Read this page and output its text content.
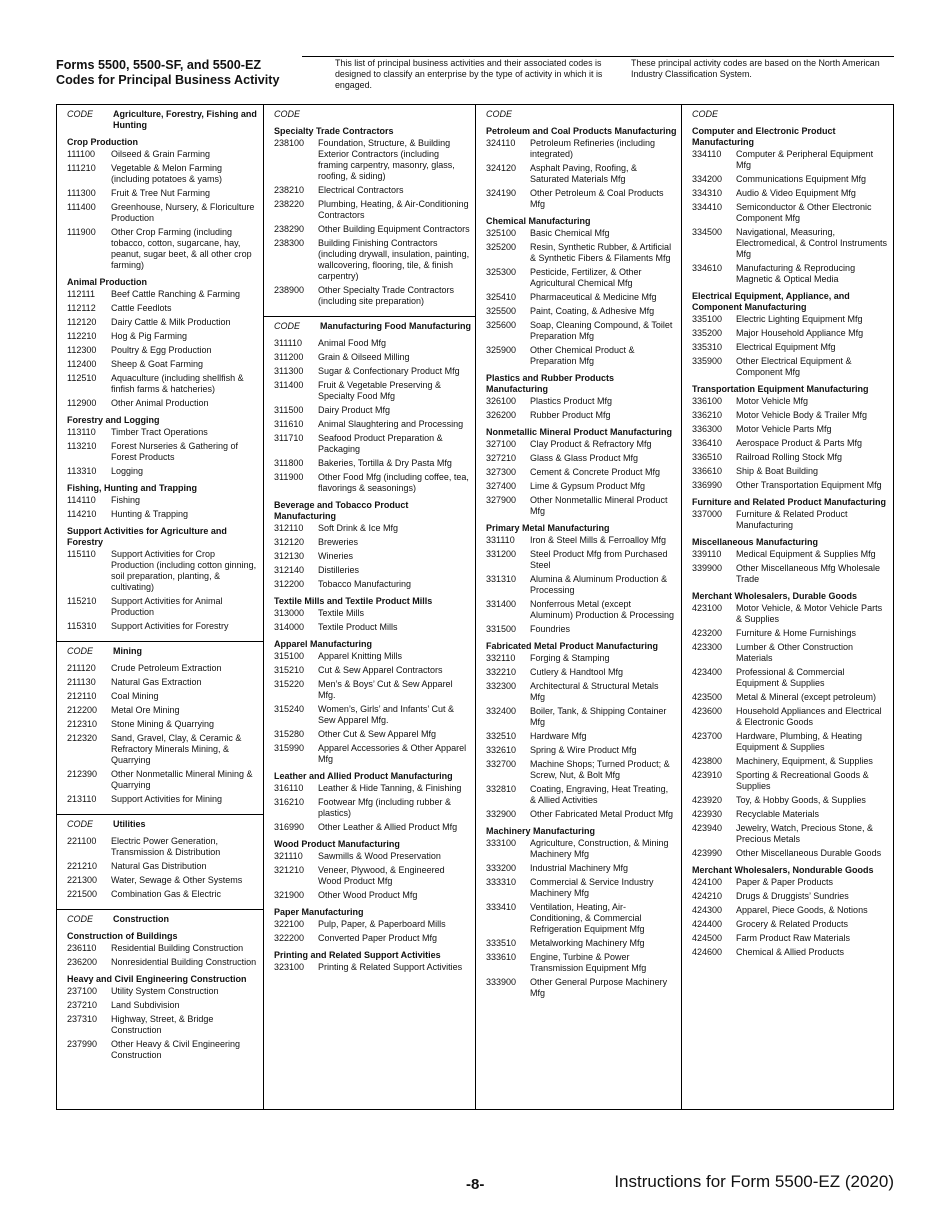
Forms 5500, 5500-SF, and 5500-EZ Codes for Principal Business Activity
This list of principal business activities and their associated codes is designed to classify an enterprise by the type of activity in which it is engaged.
These principal activity codes are based on the North American Industry Classification System.
CODE	Agriculture, Forestry, Fishing and Hunting
Crop Production
111100	Oilseed & Grain Farming
111210	Vegetable & Melon Farming (including potatoes & yams)
111300	Fruit & Tree Nut Farming
111400	Greenhouse, Nursery, & Floriculture Production
111900	Other Crop Farming (including tobacco, cotton, sugarcane, hay, peanut, sugar beet, & all other crop farming)
Animal Production
112111	Beef Cattle Ranching & Farming
112112	Cattle Feedlots
112120	Dairy Cattle & Milk Production
112210	Hog & Pig Farming
112300	Poultry & Egg Production
112400	Sheep & Goat Farming
112510	Aquaculture (including shellfish & finfish farms & hatcheries)
112900	Other Animal Production
Forestry and Logging
113110	Timber Tract Operations
113210	Forest Nurseries & Gathering of Forest Products
113310	Logging
Fishing, Hunting and Trapping
114110	Fishing
114210	Hunting & Trapping
Support Activities for Agriculture and Forestry
115110	Support Activities for Crop Production (including cotton ginning, soil preparation, planting, & cultivating)
115210	Support Activities for Animal Production
115310	Support Activities for Forestry
CODE	Mining
211120	Crude Petroleum Extraction
211130	Natural Gas Extraction
212110	Coal Mining
212200	Metal Ore Mining
212310	Stone Mining & Quarrying
212320	Sand, Gravel, Clay, & Ceramic & Refractory Minerals Mining, & Quarrying
212390	Other Nonmetallic Mineral Mining & Quarrying
213110	Support Activities for Mining
CODE	Utilities
221100	Electric Power Generation, Transmission & Distribution
221210	Natural Gas Distribution
221300	Water, Sewage & Other Systems
221500	Combination Gas & Electric
CODE	Construction
Construction of Buildings
236110	Residential Building Construction
236200	Nonresidential Building Construction
Heavy and Civil Engineering Construction
237100	Utility System Construction
237210	Land Subdivision
237310	Highway, Street, & Bridge Construction
237990	Other Heavy & Civil Engineering Construction
CODE
Specialty Trade Contractors
238100	Foundation, Structure, & Building Exterior Contractors (including framing carpentry, masonry, glass, roofing, & siding)
238210	Electrical Contractors
238220	Plumbing, Heating, & Air-Conditioning Contractors
238290	Other Building Equipment Contractors
238300	Building Finishing Contractors (including drywall, insulation, painting, wallcovering, flooring, tile, & finish carpentry)
238900	Other Specialty Trade Contractors (including site preparation)
CODE	Manufacturing Food Manufacturing
311110	Animal Food Mfg
311200	Grain & Oilseed Milling
311300	Sugar & Confectionary Product Mfg
311400	Fruit & Vegetable Preserving & Specialty Food Mfg
311500	Dairy Product Mfg
311610	Animal Slaughtering and Processing
311710	Seafood Product Preparation & Packaging
311800	Bakeries, Tortilla & Dry Pasta Mfg
311900	Other Food Mfg (including coffee, tea, flavorings & seasonings)
Beverage and Tobacco Product Manufacturing
312110	Soft Drink & Ice Mfg
312120	Breweries
312130	Wineries
312140	Distilleries
312200	Tobacco Manufacturing
Textile Mills and Textile Product Mills
313000	Textile Mills
314000	Textile Product Mills
Apparel Manufacturing
315100	Apparel Knitting Mills
315210	Cut & Sew Apparel Contractors
315220	Men’s & Boys’ Cut & Sew Apparel Mfg.
315240	Women’s, Girls’ and Infants’ Cut & Sew Apparel Mfg.
315280	Other Cut & Sew Apparel Mfg
315990	Apparel Accessories & Other Apparel Mfg
Leather and Allied Product Manufacturing
316110	Leather & Hide Tanning, & Finishing
316210	Footwear Mfg (including rubber & plastics)
316990	Other Leather & Allied Product Mfg
Wood Product Manufacturing
321110	Sawmills & Wood Preservation
321210	Veneer, Plywood, & Engineered Wood Product Mfg
321900	Other Wood Product Mfg
Paper Manufacturing
322100	Pulp, Paper, & Paperboard Mills
322200	Converted Paper Product Mfg
Printing and Related Support Activities
323100	Printing & Related Support Activities
CODE
Petroleum and Coal Products Manufacturing
324110	Petroleum Refineries (including integrated)
324120	Asphalt Paving, Roofing, & Saturated Materials Mfg
324190	Other Petroleum & Coal Products Mfg
Chemical Manufacturing
325100	Basic Chemical Mfg
325200	Resin, Synthetic Rubber, & Artificial & Synthetic Fibers & Filaments Mfg
325300	Pesticide, Fertilizer, & Other Agricultural Chemical Mfg
325410	Pharmaceutical & Medicine Mfg
325500	Paint, Coating, & Adhesive Mfg
325600	Soap, Cleaning Compound, & Toilet Preparation Mfg
325900	Other Chemical Product & Preparation Mfg
Plastics and Rubber Products Manufacturing
326100	Plastics Product Mfg
326200	Rubber Product Mfg
Nonmetallic Mineral Product Manufacturing
327100	Clay Product & Refractory Mfg
327210	Glass & Glass Product Mfg
327300	Cement & Concrete Product Mfg
327400	Lime & Gypsum Product Mfg
327900	Other Nonmetallic Mineral Product Mfg
Primary Metal Manufacturing
331110	Iron & Steel Mills & Ferroalloy Mfg
331200	Steel Product Mfg from Purchased Steel
331310	Alumina & Aluminum Production & Processing
331400	Nonferrous Metal (except Aluminum) Production & Processing
331500	Foundries
Fabricated Metal Product Manufacturing
332110	Forging & Stamping
332210	Cutlery & Handtool Mfg
332300	Architectural & Structural Metals Mfg
332400	Boiler, Tank, & Shipping Container Mfg
332510	Hardware Mfg
332610	Spring & Wire Product Mfg
332700	Machine Shops; Turned Product; & Screw, Nut, & Bolt Mfg
332810	Coating, Engraving, Heat Treating, & Allied Activities
332900	Other Fabricated Metal Product Mfg
Machinery Manufacturing
333100	Agriculture, Construction, & Mining Machinery Mfg
333200	Industrial Machinery Mfg
333310	Commercial & Service Industry Machinery Mfg
333410	Ventilation, Heating, Air-Conditioning, & Commercial Refrigeration Equipment Mfg
333510	Metalworking Machinery Mfg
333610	Engine, Turbine & Power Transmission Equipment Mfg
333900	Other General Purpose Machinery Mfg
CODE
Computer and Electronic Product Manufacturing
334110	Computer & Peripheral Equipment Mfg
334200	Communications Equipment Mfg
334310	Audio & Video Equipment Mfg
334410	Semiconductor & Other Electronic Component Mfg
334500	Navigational, Measuring, Electromedical, & Control Instruments Mfg
334610	Manufacturing & Reproducing Magnetic & Optical Media
Electrical Equipment, Appliance, and Component Manufacturing
335100	Electric Lighting Equipment Mfg
335200	Major Household Appliance Mfg
335310	Electrical Equipment Mfg
335900	Other Electrical Equipment & Component Mfg
Transportation Equipment Manufacturing
336100	Motor Vehicle Mfg
336210	Motor Vehicle Body & Trailer Mfg
336300	Motor Vehicle Parts Mfg
336410	Aerospace Product & Parts Mfg
336510	Railroad Rolling Stock Mfg
336610	Ship & Boat Building
336990	Other Transportation Equipment Mfg
Furniture and Related Product Manufacturing
337000	Furniture & Related Product Manufacturing
Miscellaneous Manufacturing
339110	Medical Equipment & Supplies Mfg
339900	Other Miscellaneous Mfg Wholesale Trade
Merchant Wholesalers, Durable Goods
423100	Motor Vehicle, & Motor Vehicle Parts & Supplies
423200	Furniture & Home Furnishings
423300	Lumber & Other Construction Materials
423400	Professional & Commercial Equipment & Supplies
423500	Metal & Mineral (except petroleum)
423600	Household Appliances and Electrical & Electronic Goods
423700	Hardware, Plumbing, & Heating Equipment & Supplies
423800	Machinery, Equipment, & Supplies
423910	Sporting & Recreational Goods & Supplies
423920	Toy, & Hobby Goods, & Supplies
423930	Recyclable Materials
423940	Jewelry, Watch, Precious Stone, & Precious Metals
423990	Other Miscellaneous Durable Goods
Merchant Wholesalers, Nondurable Goods
424100	Paper & Paper Products
424210	Drugs & Druggists’ Sundries
424300	Apparel, Piece Goods, & Notions
424400	Grocery & Related Products
424500	Farm Product Raw Materials
424600	Chemical & Allied Products
-8-	Instructions for Form 5500-EZ (2020)
